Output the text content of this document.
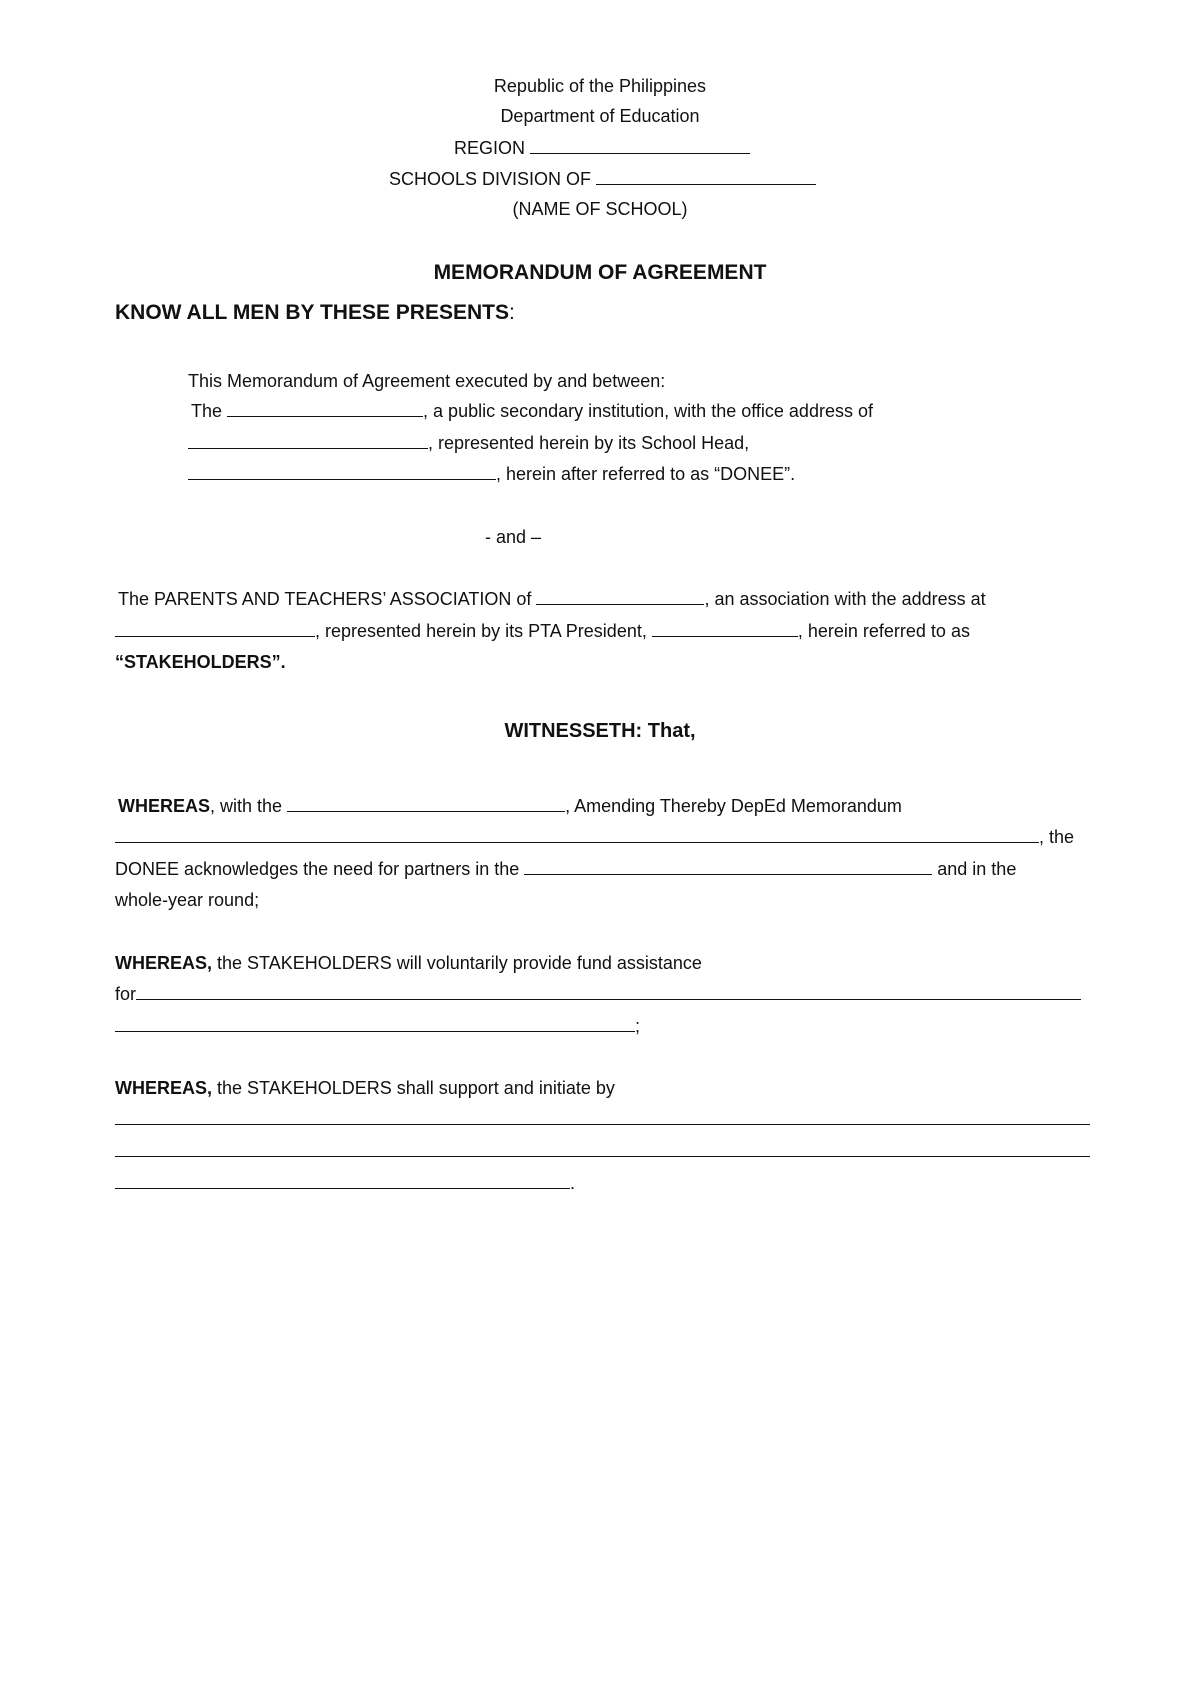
Republic of the Philippines
Department of Education
REGION
SCHOOLS DIVISION OF
(NAME OF SCHOOL)
MEMORANDUM OF AGREEMENT
KNOW ALL MEN BY THESE PRESENTS:
This Memorandum of Agreement executed by and between:
The	, a public secondary institution, with the office address of
, represented herein by its School Head,
, herein after referred to as “DONEE”.
- and –
The PARENTS AND TEACHERS’ ASSOCIATION of	, an association with the address at
, represented herein by its PTA President,	, herein referred to as
“STAKEHOLDERS”.
WITNESSETH: That,
WHEREAS, with the	, Amending Thereby DepEd Memorandum
, the
DONEE acknowledges the need for partners in the	and in the
whole-year round;
WHEREAS, the STAKEHOLDERS will voluntarily provide fund assistance
for
;
WHEREAS, the STAKEHOLDERS shall support and initiate by
.
